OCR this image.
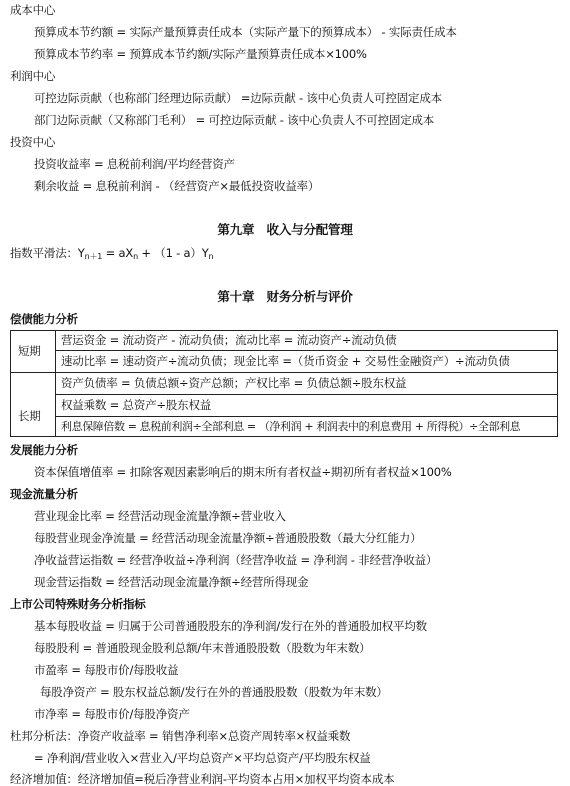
成本中心
预算成本节约额 = 实际产量预算责任成本（实际产量下的预算成本） - 实际责任成本
预算成本节约率 = 预算成本节约额/实际产量预算责任成本×100%
利润中心
可控边际贡献（也称部门经理边际贡献） =边际贡献 - 该中心负责人可控固定成本
部门边际贡献（又称部门毛利） = 可控边际贡献 - 该中心负责人不可控固定成本
投资中心
投资收益率 = 息税前利润/平均经营资产
剩余收益 = 息税前利润 - （经营资产×最低投资收益率）
第九章　收入与分配管理
指数平滑法：$Y_{n+1} = aX_n + (1 - a)Y_n$
第十章　财务分析与评价
偿债能力分析
短期
长期
营运资金 = 流动资产 - 流动负债；流动比率 = 流动资产÷流动负债
速动比率 = 速动资产÷流动负债；现金比率 =（货币资金 + 交易性金融资产）÷流动负债
资产负债率 = 负债总额÷资产总额；产权比率 = 负债总额÷股东权益
权益乘数 = 总资产÷股东权益
利息保障倍数 = 息税前利润÷全部利息 = （净利润 + 利润表中的利息费用 + 所得税）÷全部利息
发展能力分析
资本保值增值率 = 扣除客观因素影响后的期末所有者权益÷期初所有者权益×100%
现金流量分析
营业现金比率 = 经营活动现金流量净额÷营业收入
每股营业现金净流量 = 经营活动现金流量净额÷普通股股数（最大分红能力）
净收益营运指数 = 经营净收益÷净利润（经营净收益 = 净利润 - 非经营净收益）
现金营运指数 = 经营活动现金流量净额÷经营所得现金
上市公司特殊财务分析指标
基本每股收益 = 归属于公司普通股股东的净利润/发行在外的普通股加权平均数
每股股利 = 普通股现金股利总额/年末普通股股数（股数为年末数）
市盈率 = 每股市价/每股收益
每股净资产 = 股东权益总额/发行在外的普通股股数（股数为年末数）
市净率 = 每股市价/每股净资产
杜邦分析法：净资产收益率 = 销售净利率×总资产周转率×权益乘数
= 净利润/营业收入×营业入/平均总资产×平均总资产/平均股东权益
经济增加值：经济增加值=税后净营业利润-平均资本占用×加权平均资本成本
